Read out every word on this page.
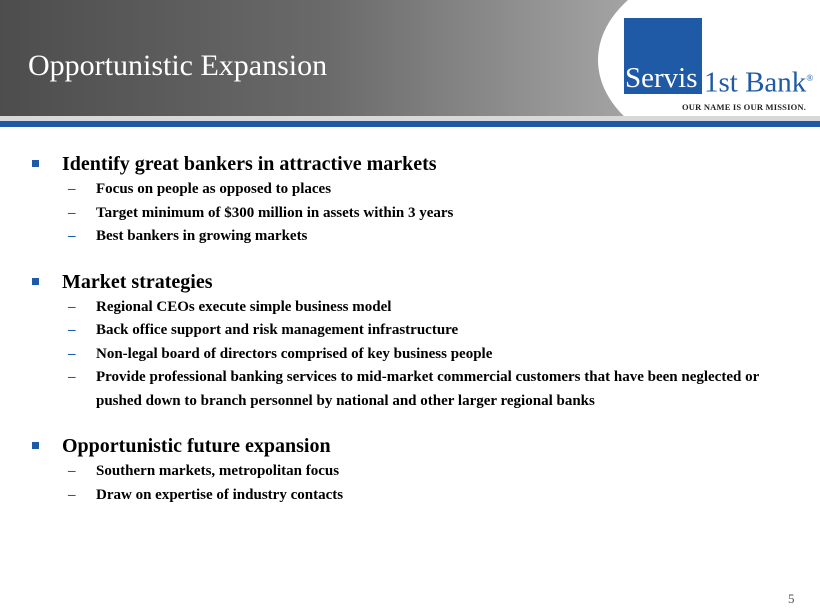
Opportunistic Expansion	Servis 1st Bank®
OUR NAME IS OUR MISSION.
Identify great bankers in attractive markets
– Focus on people as opposed to places
– Target minimum of $300 million in assets within 3 years
– Best bankers in growing markets
Market strategies
– Regional CEOs execute simple business model
– Back office support and risk management infrastructure
– Non-legal board of directors comprised of key business people
– Provide professional banking services to mid-market commercial customers that have been neglected or pushed down to branch personnel by national and other larger regional banks
Opportunistic future expansion
– Southern markets, metropolitan focus
– Draw on expertise of industry contacts
5
